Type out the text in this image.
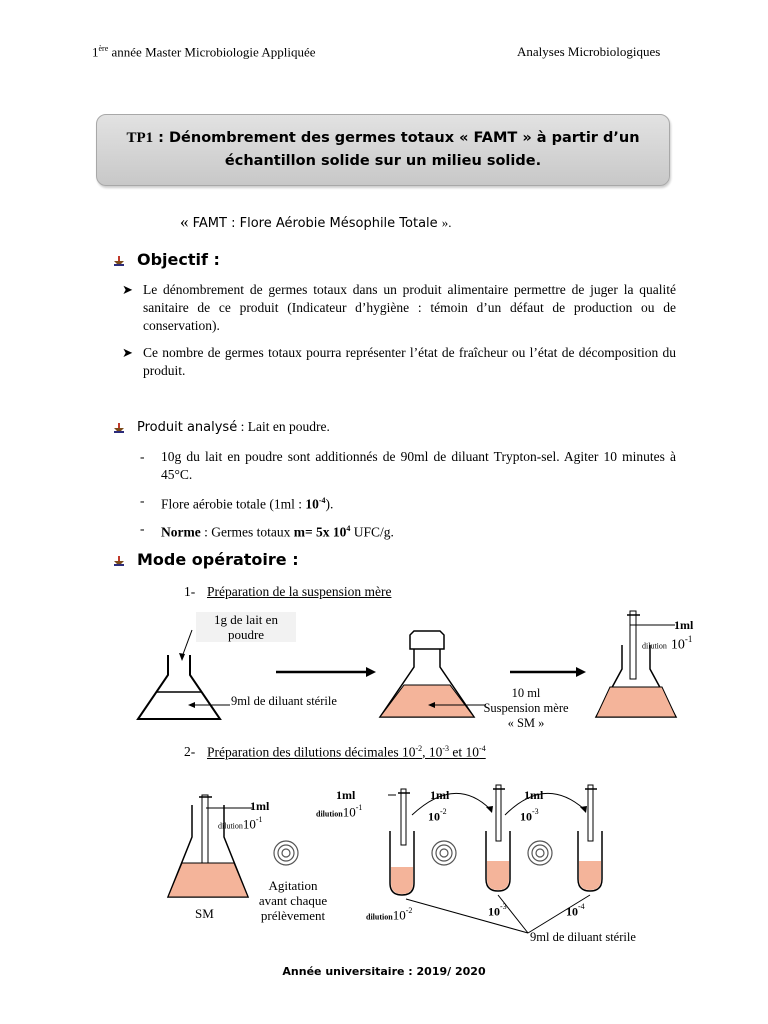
1ère année Master Microbiologie Appliquée	Analyses Microbiologiques
TP1 : Dénombrement des germes totaux « FAMT » à partir d’un
échantillon solide sur un milieu solide.
« FAMT : Flore Aérobie Mésophile Totale ».
Objectif :
➤ Le dénombrement de germes totaux dans un produit alimentaire permettre de juger la qualité sanitaire de ce produit (Indicateur d’hygiène : témoin d’un défaut de production ou de conservation).
➤ Ce nombre de germes totaux pourra représenter l’état de fraîcheur ou l’état de décomposition du produit.
Produit analysé : Lait en poudre.
- 10g du lait en poudre sont additionnés de 90ml de diluant Trypton-sel. Agiter 10 minutes à 45°C.
- Flore aérobie totale (1ml : $10^{-4}$).
- Norme : Germes totaux m= 5x $10^4$ UFC/g.
Mode opératoire :
1- Préparation de la suspension mère
1g de lait en
poudre
9ml de diluant stérile
10 ml
Suspension mère
« SM »
1ml
dilution $10^{-1}$
2- Préparation des dilutions décimales $10^{-2}$, $10^{-3}$ et $10^{-4}$
1ml
$dilution10^{-1}$
1ml
$dilution10^{-1}$
1ml
$10^{-2}$
1ml
$10^{-3}$
$dilution10^{-2}$	$10^{-3}$	$10^{-4}$
SM
Agitation
avant chaque
prélèvement
9ml de diluant stérile
Année universitaire : 2019/ 2020
